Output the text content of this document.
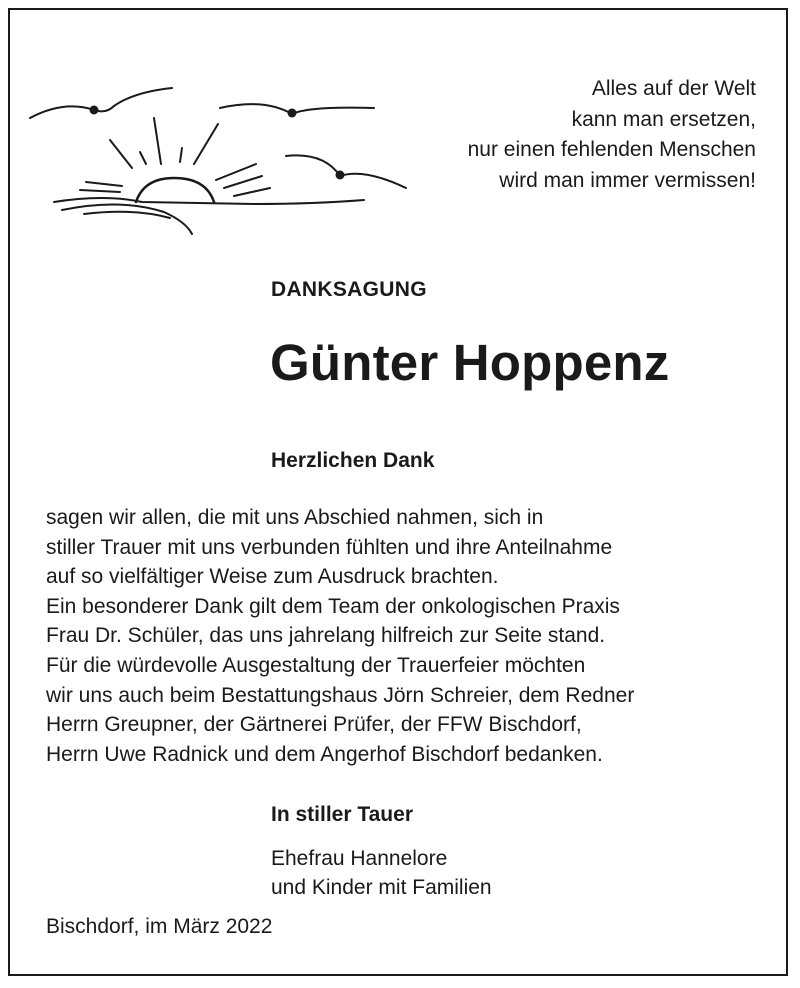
Alles auf der Welt
kann man ersetzen,
nur einen fehlenden Menschen
wird man immer vermissen!
DANKSAGUNG
Günter Hoppenz
Herzlichen Dank
sagen wir allen, die mit uns Abschied nahmen, sich in
stiller Trauer mit uns verbunden fühlten und ihre Anteilnahme
auf so vielfältiger Weise zum Ausdruck brachten.
Ein besonderer Dank gilt dem Team der onkologischen Praxis
Frau Dr. Schüler, das uns jahrelang hilfreich zur Seite stand.
Für die würdevolle Ausgestaltung der Trauerfeier möchten
wir uns auch beim Bestattungshaus Jörn Schreier, dem Redner
Herrn Greupner, der Gärtnerei Prüfer, der FFW Bischdorf,
Herrn Uwe Radnick und dem Angerhof Bischdorf bedanken.
In stiller Tauer
Ehefrau Hannelore
und Kinder mit Familien
Bischdorf, im März 2022
